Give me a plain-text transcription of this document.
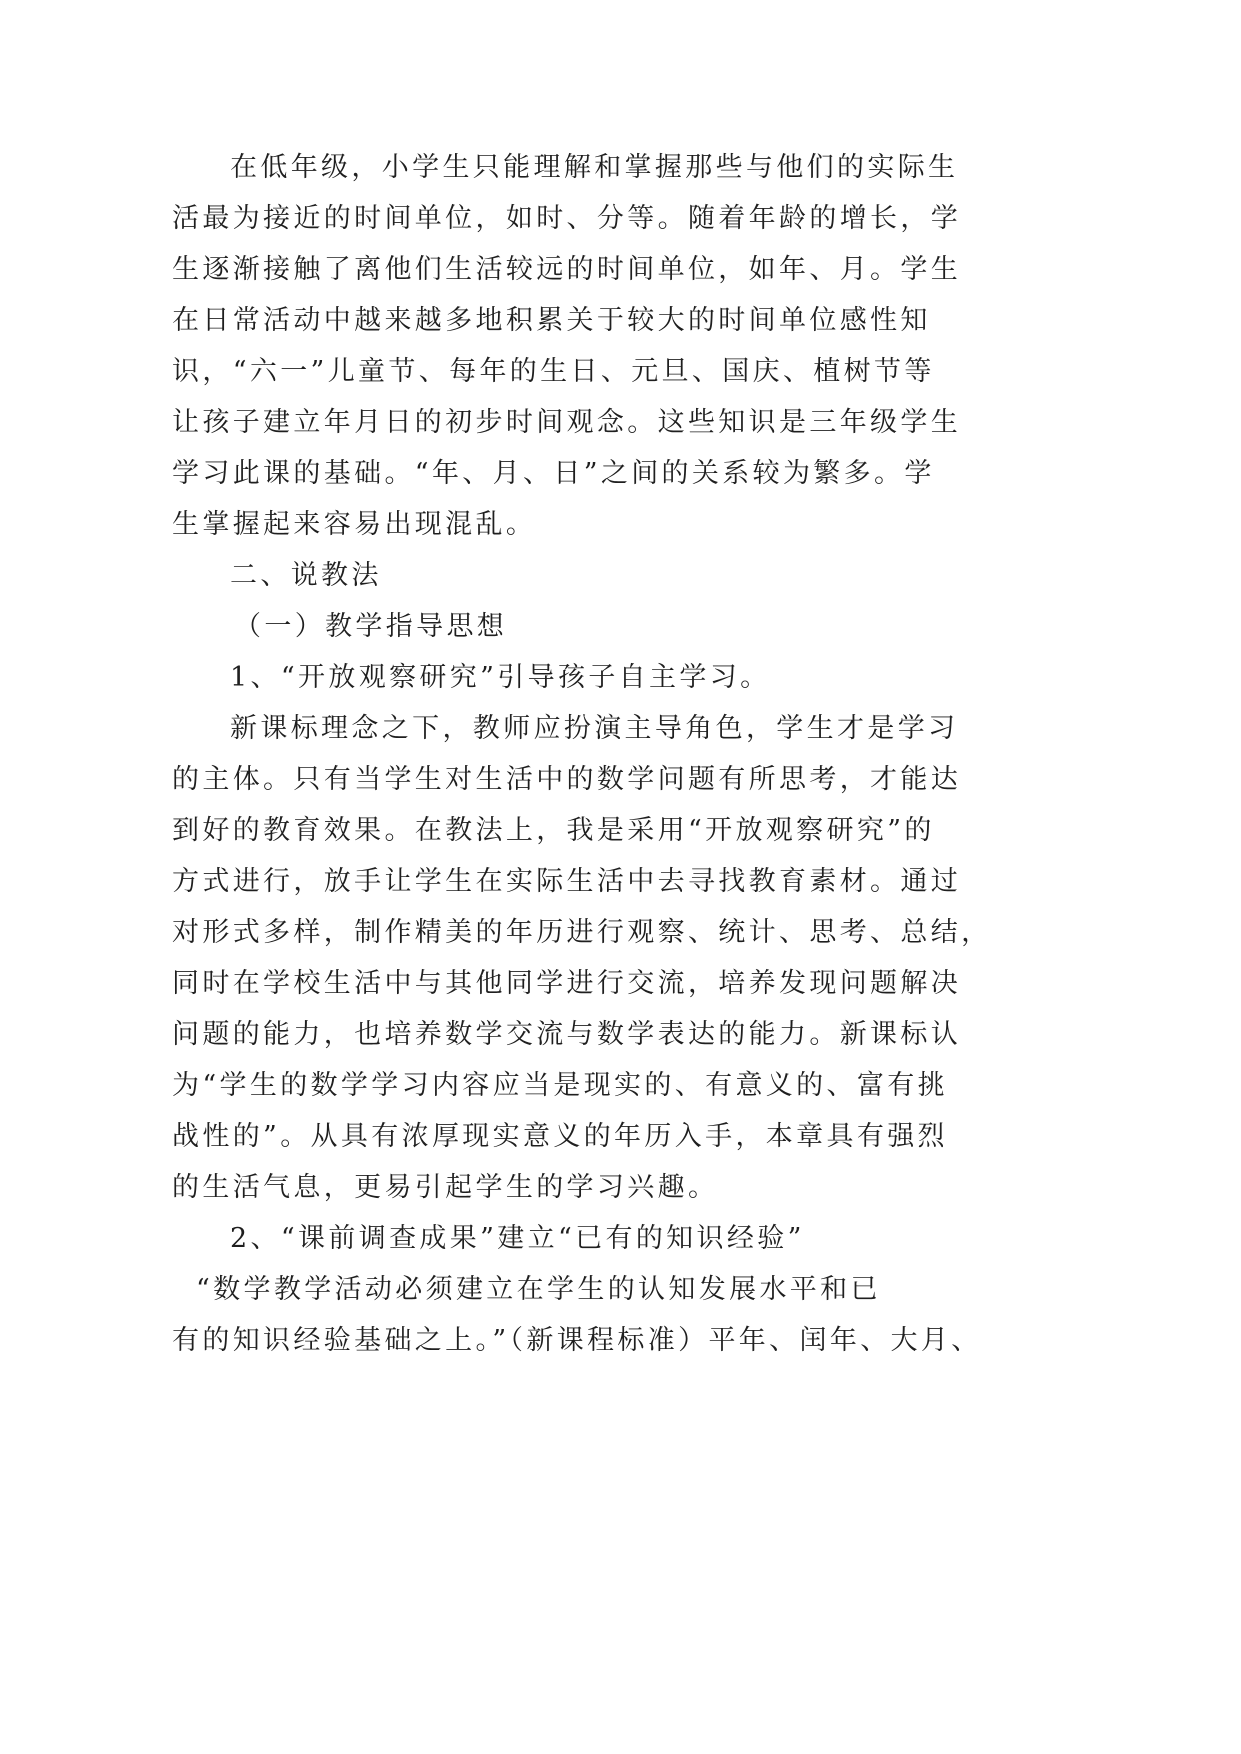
在低年级，小学生只能理解和掌握那些与他们的实际生
活最为接近的时间单位，如时、分等。随着年龄的增长，学
生逐渐接触了离他们生活较远的时间单位，如年、月。学生
在日常活动中越来越多地积累关于较大的时间单位感性知
识，“六一”儿童节、每年的生日、元旦、国庆、植树节等
让孩子建立年月日的初步时间观念。这些知识是三年级学生
学习此课的基础。“年、月、日”之间的关系较为繁多。学
生掌握起来容易出现混乱。
二、说教法
（一）教学指导思想
1、“开放观察研究”引导孩子自主学习。
新课标理念之下，教师应扮演主导角色，学生才是学习
的主体。只有当学生对生活中的数学问题有所思考，才能达
到好的教育效果。在教法上，我是采用“开放观察研究”的
方式进行，放手让学生在实际生活中去寻找教育素材。通过
对形式多样，制作精美的年历进行观察、统计、思考、总结，
同时在学校生活中与其他同学进行交流，培养发现问题解决
问题的能力，也培养数学交流与数学表达的能力。新课标认
为“学生的数学学习内容应当是现实的、有意义的、富有挑
战性的”。从具有浓厚现实意义的年历入手，本章具有强烈
的生活气息，更易引起学生的学习兴趣。
2、“课前调查成果”建立“已有的知识经验”
“数学教学活动必须建立在学生的认知发展水平和已
有的知识经验基础之上。”（新课程标准）平年、闰年、大月、
